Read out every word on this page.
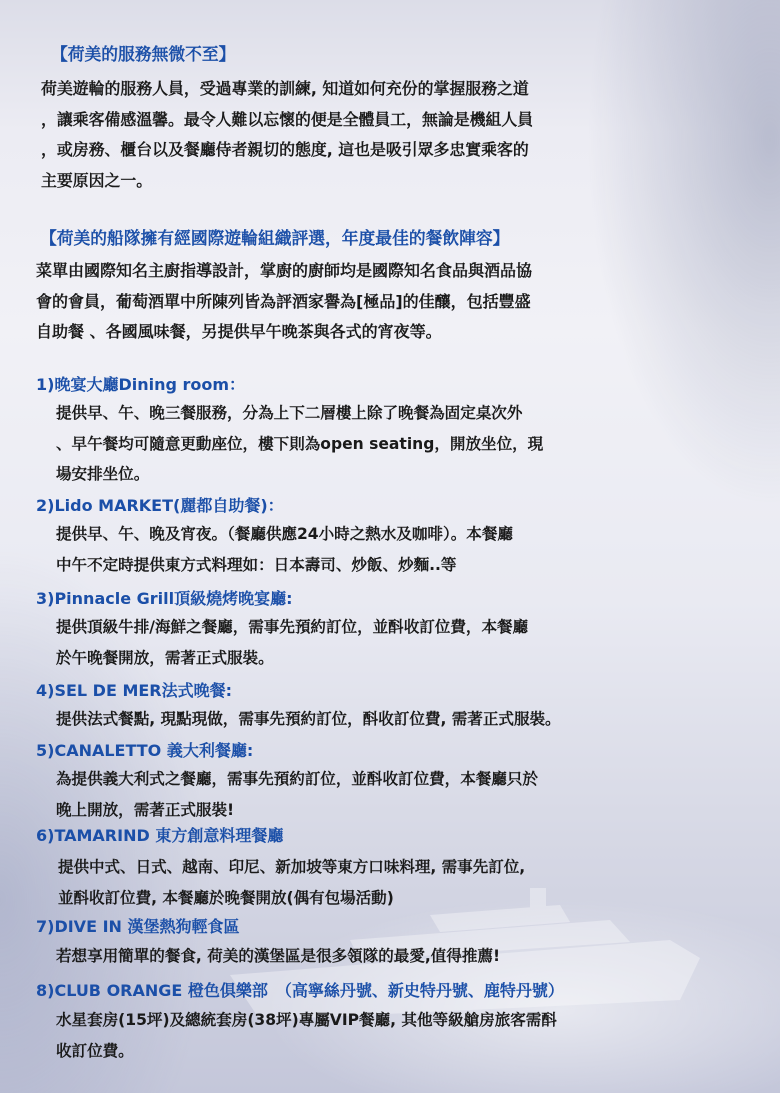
【荷美的服務無微不至】
荷美遊輪的服務人員，受過專業的訓練, 知道如何充份的掌握服務之道
，讓乘客備感溫馨。最令人難以忘懷的便是全體員工，無論是機組人員
，或房務、櫃台以及餐廳侍者親切的態度, 這也是吸引眾多忠實乘客的
主要原因之一。
【荷美的船隊擁有經國際遊輪組織評選，年度最佳的餐飲陣容】
菜單由國際知名主廚指導設計，掌廚的廚師均是國際知名食品與酒品協
會的會員，葡萄酒單中所陳列皆為評酒家譽為[極品]的佳釀，包括豐盛
自助餐 、各國風味餐，另提供早午晚茶與各式的宵夜等。
1)晚宴大廳Dining room：
提供早、午、晚三餐服務，分為上下二層樓上除了晚餐為固定桌次外
、早午餐均可隨意更動座位，樓下則為open seating，開放坐位，現
場安排坐位。
2)Lido MARKET(麗都自助餐)：
提供早、午、晚及宵夜。（餐廳供應24小時之熱水及咖啡）。本餐廳
中午不定時提供東方式料理如：日本壽司、炒飯、炒麵..等
3)Pinnacle Grill頂級燒烤晚宴廳:
提供頂級牛排/海鮮之餐廳，需事先預約訂位，並酙收訂位費，本餐廳
於午晚餐開放，需著正式服裝。
4)SEL DE MER法式晚餐:
提供法式餐點, 現點現做，需事先預約訂位，酙收訂位費, 需著正式服裝。
5)CANALETTO 義大利餐廳:
為提供義大利式之餐廳，需事先預約訂位，並酙收訂位費，本餐廳只於
晚上開放，需著正式服裝!
6)TAMARIND 東方創意料理餐廳
提供中式、日式、越南、印尼、新加坡等東方口味料理, 需事先訂位,
並酙收訂位費, 本餐廳於晚餐開放(偶有包場活動)
7)DIVE IN 漢堡熱狗輕食區
若想享用簡單的餐食, 荷美的漢堡區是很多領隊的最愛,值得推薦!
8)CLUB ORANGE 橙色俱樂部　（高寧絲丹號、新史特丹號、鹿特丹號）
水星套房(15坪)及總統套房(38坪)專屬VIP餐廳, 其他等級艙房旅客需酙
收訂位費。
